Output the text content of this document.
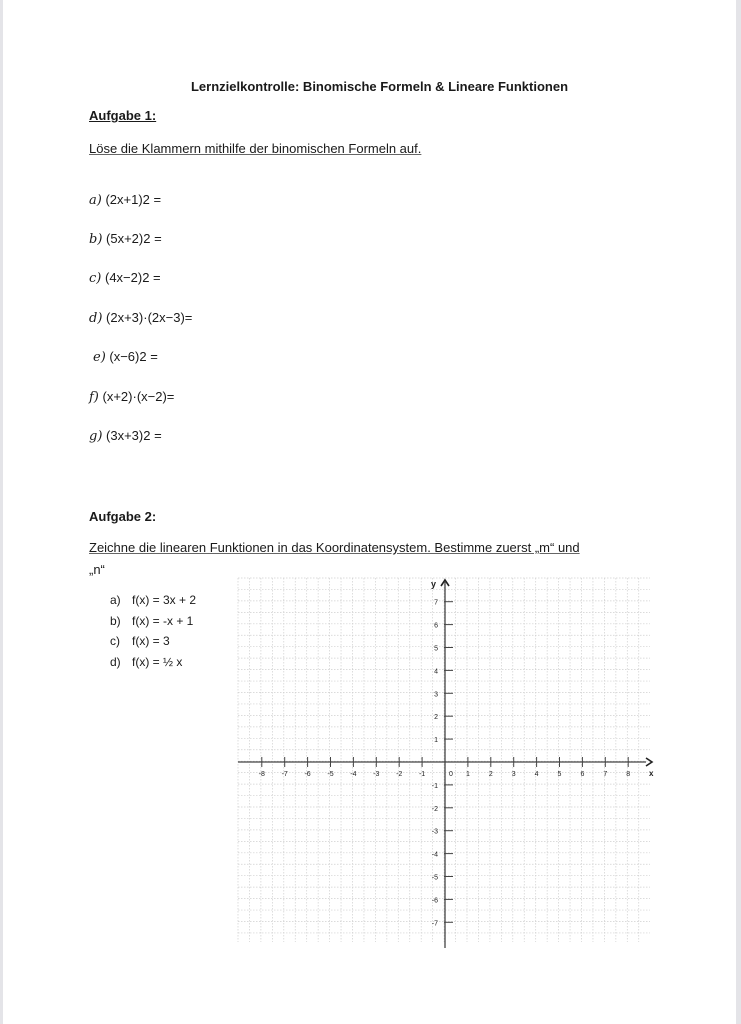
Lernzielkontrolle: Binomische Formeln & Lineare Funktionen
Aufgabe 1:
Löse die Klammern mithilfe der binomischen Formeln auf.
a) (2x+1)2 =
b) (5x+2)2 =
c) (4x−2)2 =
d) (2x+3)·(2x−3)=
e) (x−6)2 =
f) (x+2)·(x−2)=
g) (3x+3)2 =
Aufgabe 2:
Zeichne die linearen Funktionen in das Koordinatensystem. Bestimme zuerst „m“ und
„n“
a) f(x) = 3x + 2
b) f(x) = -x + 1
c)	f(x) = 3
d) f(x) = ½ x
x
y
-8 -7 -6 -5 -4 -3 -2 -1	0 1	2	3	4	5	6	7	8
-7
-6
-5
-4
-3
-2
-1
1
2
3
4
5
6
7
